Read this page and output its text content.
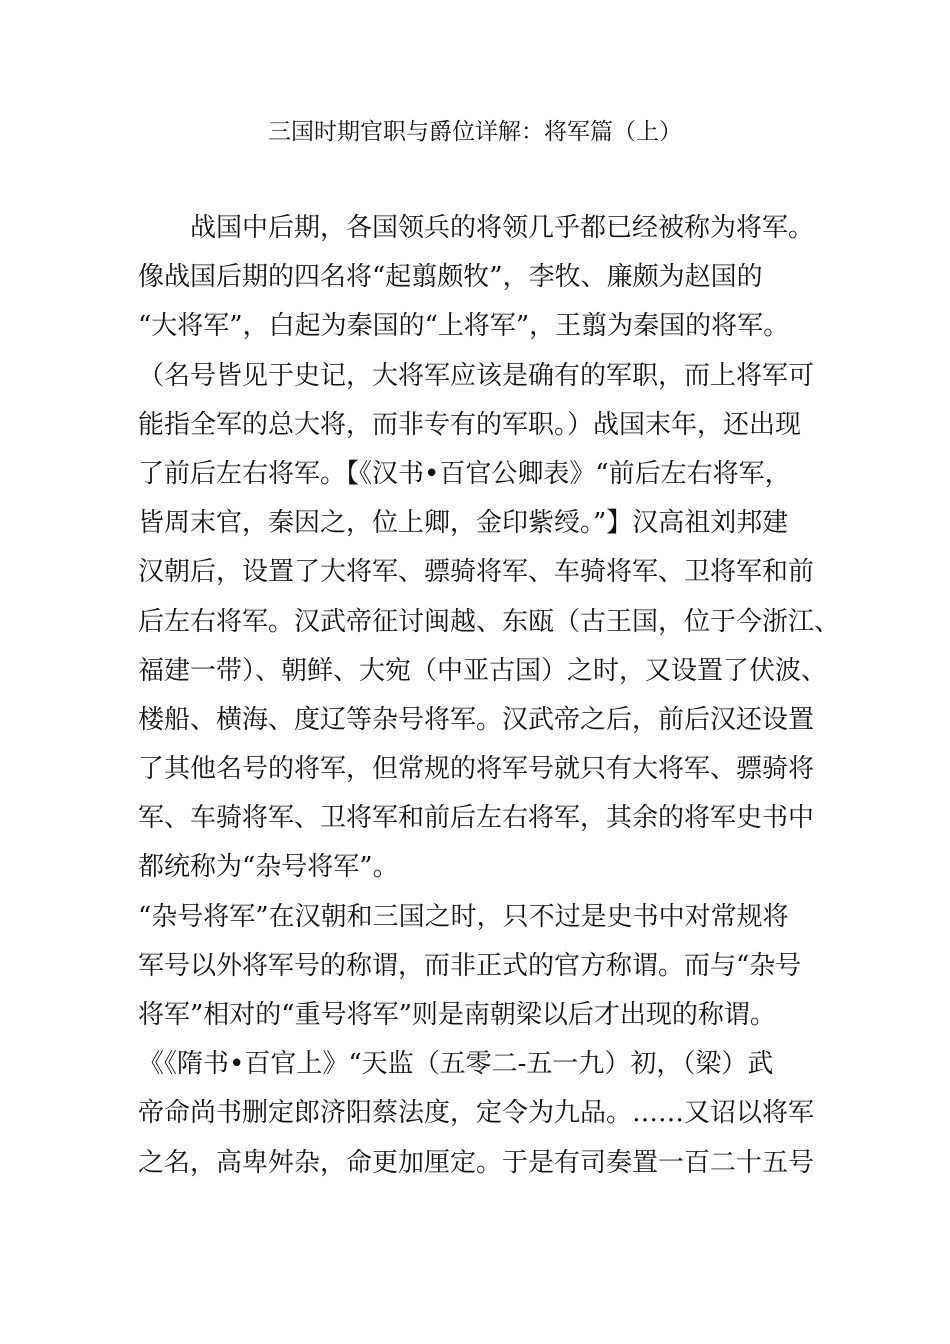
三国时期官职与爵位详解：将军篇（上）
战国中后期，各国领兵的将领几乎都已经被称为将军。
像战国后期的四名将“起翦颇牧”，李牧、廉颇为赵国的
“大将军”，白起为秦国的“上将军”，王翦为秦国的将军。
（名号皆见于史记，大将军应该是确有的军职，而上将军可
能指全军的总大将，而非专有的军职。）战国末年，还出现
了前后左右将军。【《汉书•百官公卿表》“前后左右将军，
皆周末官，秦因之，位上卿，金印紫绶。”】汉高祖刘邦建
汉朝后，设置了大将军、骠骑将军、车骑将军、卫将军和前
后左右将军。汉武帝征讨闽越、东瓯（古王国，位于今浙江、
福建一带）、朝鲜、大宛（中亚古国）之时，又设置了伏波、
楼船、横海、度辽等杂号将军。汉武帝之后，前后汉还设置
了其他名号的将军，但常规的将军号就只有大将军、骠骑将
军、车骑将军、卫将军和前后左右将军，其余的将军史书中
都统称为“杂号将军”。
“杂号将军”在汉朝和三国之时，只不过是史书中对常规将
军号以外将军号的称谓，而非正式的官方称谓。而与“杂号
将军”相对的“重号将军”则是南朝梁以后才出现的称谓。
《《隋书•百官上》“天监（五零二-五一九）初，（梁）武
帝命尚书删定郎济阳蔡法度，定令为九品。……又诏以将军
之名，高卑舛杂，命更加厘定。于是有司奏置一百二十五号
